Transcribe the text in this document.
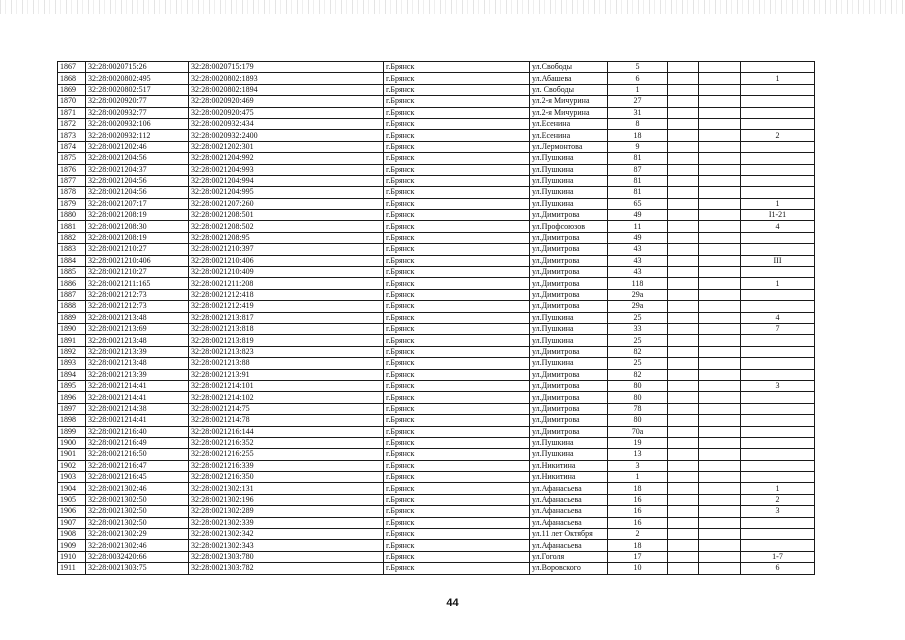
1867	32:28:0020715:26	32:28:0020715:179	г.Брянск	ул.Свободы	5			
1868	32:28:0020802:495	32:28:0020802:1893	г.Брянск	ул.Абашева	6			1
1869	32:28:0020802:517	32:28:0020802:1894	г.Брянск	ул. Свободы	1			
1870	32:28:0020920:77	32:28:0020920:469	г.Брянск	ул.2-я Мичурина	27			
1871	32:28:0020932:77	32:28:0020920:475	г.Брянск	ул.2-я Мичурина	31			
1872	32:28:0020932:106	32:28:0020932:434	г.Брянск	ул.Есенина	8			
1873	32:28:0020932:112	32:28:0020932:2400	г.Брянск	ул.Есенина	18			2
1874	32:28:0021202:46	32:28:0021202:301	г.Брянск	ул.Лермонтова	9			
1875	32:28:0021204:56	32:28:0021204:992	г.Брянск	ул.Пушкина	81			
1876	32:28:0021204:37	32:28:0021204:993	г.Брянск	ул.Пушкина	87			
1877	32:28:0021204:56	32:28:0021204:994	г.Брянск	ул.Пушкина	81			
1878	32:28:0021204:56	32:28:0021204:995	г.Брянск	ул.Пушкина	81			
1879	32:28:0021207:17	32:28:0021207:260	г.Брянск	ул.Пушкина	65			1
1880	32:28:0021208:19	32:28:0021208:501	г.Брянск	ул.Димитрова	49			I1-21
1881	32:28:0021208:30	32:28:0021208:502	г.Брянск	ул.Профсоюзов	11			4
1882	32:28:0021208:19	32:28:0021208:95	г.Брянск	ул.Димитрова	49			
1883	32:28:0021210:27	32:28:0021210:397	г.Брянск	ул.Димитрова	43			
1884	32:28:0021210:406	32:28:0021210:406	г.Брянск	ул.Димитрова	43			III
1885	32:28:0021210:27	32:28:0021210:409	г.Брянск	ул.Димитрова	43			
1886	32:28:0021211:165	32:28:0021211:208	г.Брянск	ул.Димитрова	118			1
1887	32:28:0021212:73	32:28:0021212:418	г.Брянск	ул.Димитрова	29а			
1888	32:28:0021212:73	32:28:0021212:419	г.Брянск	ул.Димитрова	29а			
1889	32:28:0021213:48	32:28:0021213:817	г.Брянск	ул.Пушкина	25			4
1890	32:28:0021213:69	32:28:0021213:818	г.Брянск	ул.Пушкина	33			7
1891	32:28:0021213:48	32:28:0021213:819	г.Брянск	ул.Пушкина	25			
1892	32:28:0021213:39	32:28:0021213:823	г.Брянск	ул.Димитрова	82			
1893	32:28:0021213:48	32:28:0021213:88	г.Брянск	ул.Пушкина	25			
1894	32:28:0021213:39	32:28:0021213:91	г.Брянск	ул.Димитрова	82			
1895	32:28:0021214:41	32:28:0021214:101	г.Брянск	ул.Димитрова	80			3
1896	32:28:0021214:41	32:28:0021214:102	г.Брянск	ул.Димитрова	80			
1897	32:28:0021214:38	32:28:0021214:75	г.Брянск	ул.Димитрова	78			
1898	32:28:0021214:41	32:28:0021214:78	г.Брянск	ул.Димитрова	80			
1899	32:28:0021216:40	32:28:0021216:144	г.Брянск	ул.Димитрова	70а			
1900	32:28:0021216:49	32:28:0021216:352	г.Брянск	ул.Пушкина	19			
1901	32:28:0021216:50	32:28:0021216:255	г.Брянск	ул.Пушкина	13			
1902	32:28:0021216:47	32:28:0021216:339	г.Брянск	ул.Никитина	3			
1903	32:28:0021216:45	32:28:0021216:350	г.Брянск	ул.Никитина	1			
1904	32:28:0021302:46	32:28:0021302:131	г.Брянск	ул.Афанасьева	18			1
1905	32:28:0021302:50	32:28:0021302:196	г.Брянск	ул.Афанасьева	16			2
1906	32:28:0021302:50	32:28:0021302:289	г.Брянск	ул.Афанасьева	16			3
1907	32:28:0021302:50	32:28:0021302:339	г.Брянск	ул.Афанасьева	16			
1908	32:28:0021302:29	32:28:0021302:342	г.Брянск	ул.11 лет Октября	2			
1909	32:28:0021302:46	32:28:0021302:343	г.Брянск	ул.Афанасьева	18			
1910	32:28:0032420:66	32:28:0021303:780	г.Брянск	ул.Гоголя	17			1-7
1911	32:28:0021303:75	32:28:0021303:782	г.Брянск	ул.Воровского	10			6
44
